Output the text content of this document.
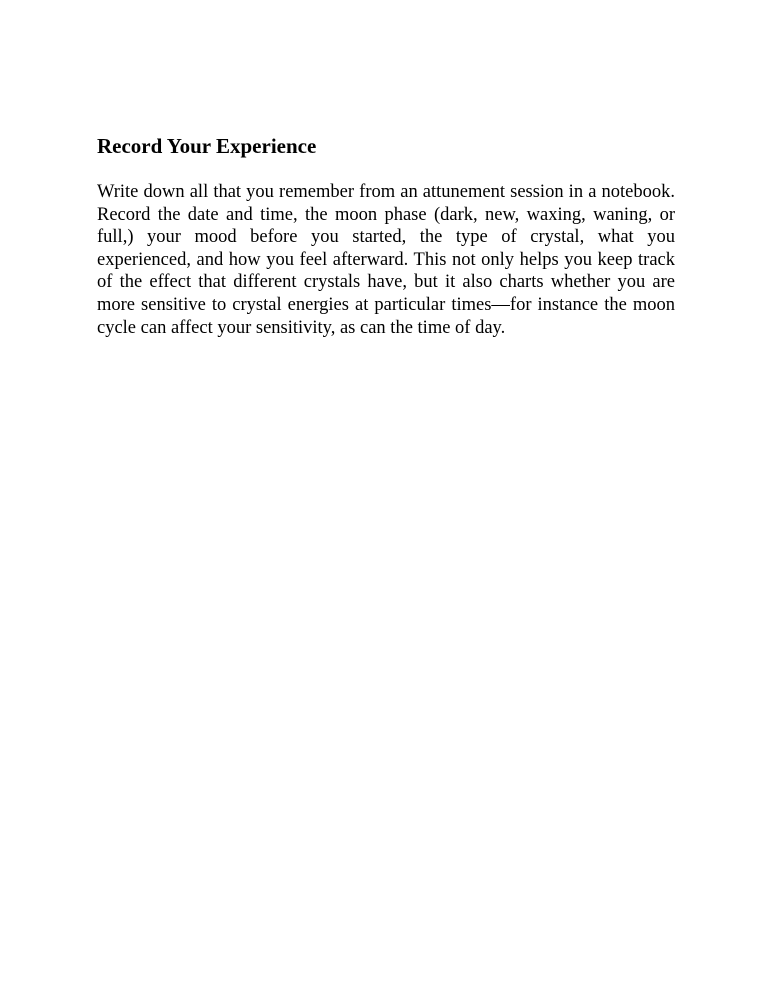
Record Your Experience

Write down all that you remember from an attunement session in a notebook. Record the date and time, the moon phase (dark, new, waxing, waning, or full,) your mood before you started, the type of crystal, what you experienced, and how you feel afterward. This not only helps you keep track of the effect that different crystals have, but it also charts whether you are more sensitive to crystal energies at particular times—for instance the moon cycle can affect your sensitivity, as can the time of day.
